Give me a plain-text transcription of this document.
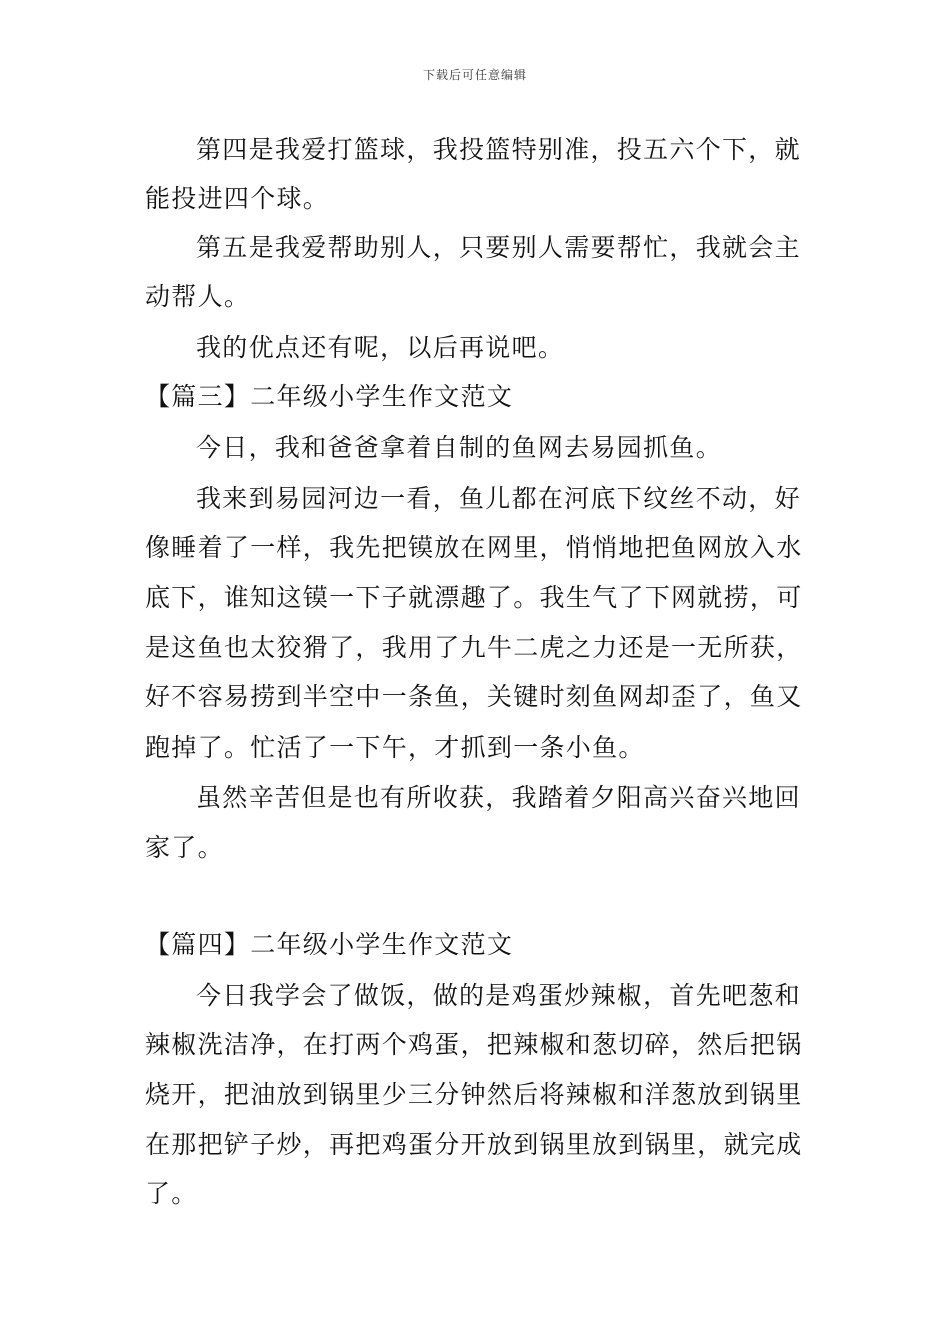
下载后可任意编辑
第四是我爱打篮球，我投篮特别准，投五六个下，就
能投进四个球。
第五是我爱帮助别人，只要别人需要帮忙，我就会主
动帮人。
我的优点还有呢，以后再说吧。
【篇三】二年级小学生作文范文
今日，我和爸爸拿着自制的鱼网去易园抓鱼。
我来到易园河边一看，鱼儿都在河底下纹丝不动，好
像睡着了一样，我先把镆放在网里，悄悄地把鱼网放入水
底下，谁知这镆一下子就漂趣了。我生气了下网就捞，可
是这鱼也太狡猾了，我用了九牛二虎之力还是一无所获，
好不容易捞到半空中一条鱼，关键时刻鱼网却歪了，鱼又
跑掉了。忙活了一下午，才抓到一条小鱼。
虽然辛苦但是也有所收获，我踏着夕阳高兴奋兴地回
家了。
【篇四】二年级小学生作文范文
今日我学会了做饭，做的是鸡蛋炒辣椒，首先吧葱和
辣椒洗洁净，在打两个鸡蛋，把辣椒和葱切碎，然后把锅
烧开，把油放到锅里少三分钟然后将辣椒和洋葱放到锅里
在那把铲子炒，再把鸡蛋分开放到锅里放到锅里，就完成
了。
